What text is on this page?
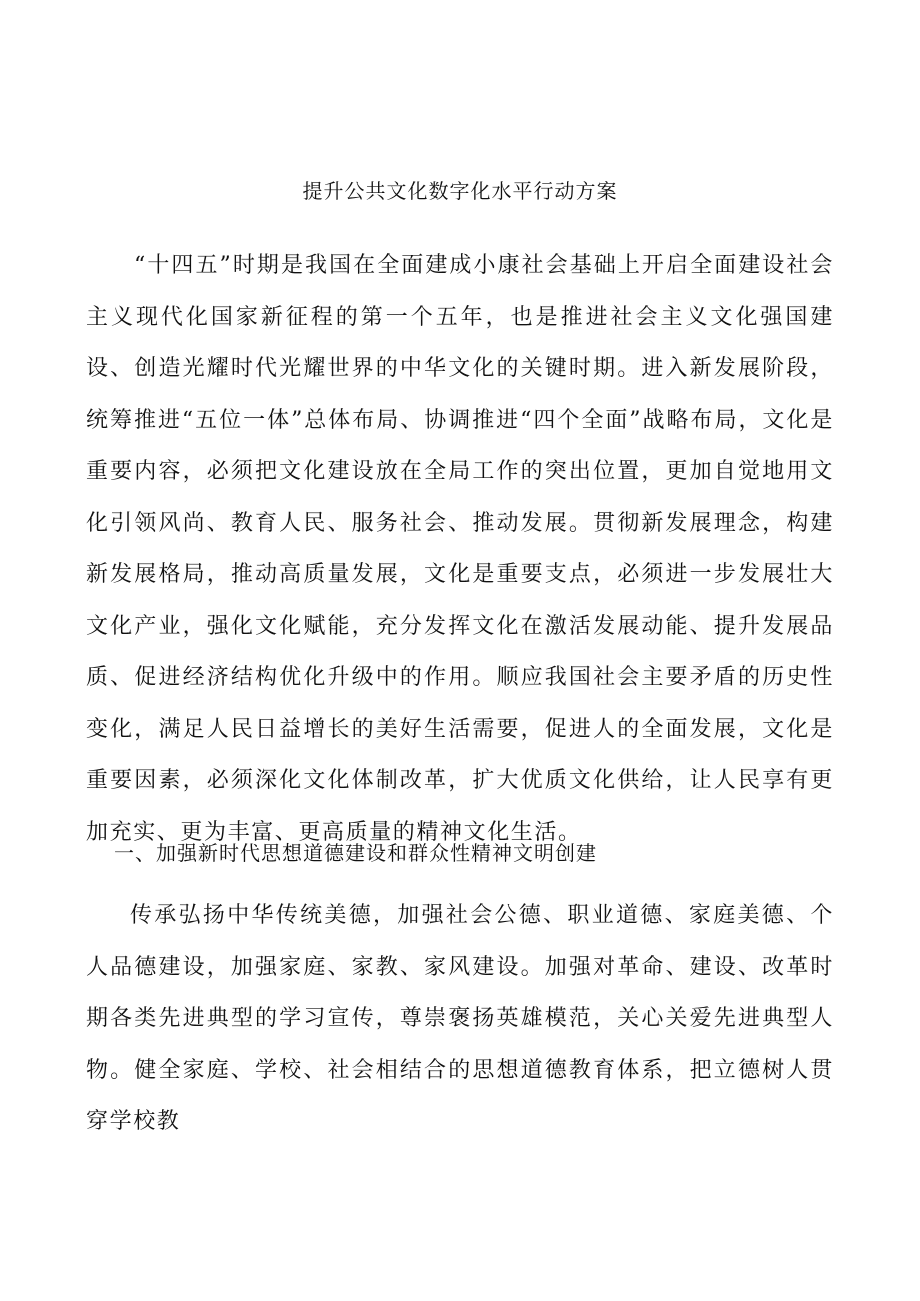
提升公共文化数字化水平行动方案
“十四五”时期是我国在全面建成小康社会基础上开启全面建设社会主义现代化国家新征程的第一个五年，也是推进社会主义文化强国建设、创造光耀时代光耀世界的中华文化的关键时期。进入新发展阶段，统筹推进“五位一体”总体布局、协调推进“四个全面”战略布局，文化是重要内容，必须把文化建设放在全局工作的突出位置，更加自觉地用文化引领风尚、教育人民、服务社会、推动发展。贯彻新发展理念，构建新发展格局，推动高质量发展，文化是重要支点，必须进一步发展壮大文化产业，强化文化赋能，充分发挥文化在激活发展动能、提升发展品质、促进经济结构优化升级中的作用。顺应我国社会主要矛盾的历史性变化，满足人民日益增长的美好生活需要，促进人的全面发展，文化是重要因素，必须深化文化体制改革，扩大优质文化供给，让人民享有更加充实、更为丰富、更高质量的精神文化生活。
一、加强新时代思想道德建设和群众性精神文明创建
传承弘扬中华传统美德，加强社会公德、职业道德、家庭美德、个人品德建设，加强家庭、家教、家风建设。加强对革命、建设、改革时期各类先进典型的学习宣传，尊崇褒扬英雄模范，关心关爱先进典型人物。健全家庭、学校、社会相结合的思想道德教育体系，把立德树人贯穿学校教
